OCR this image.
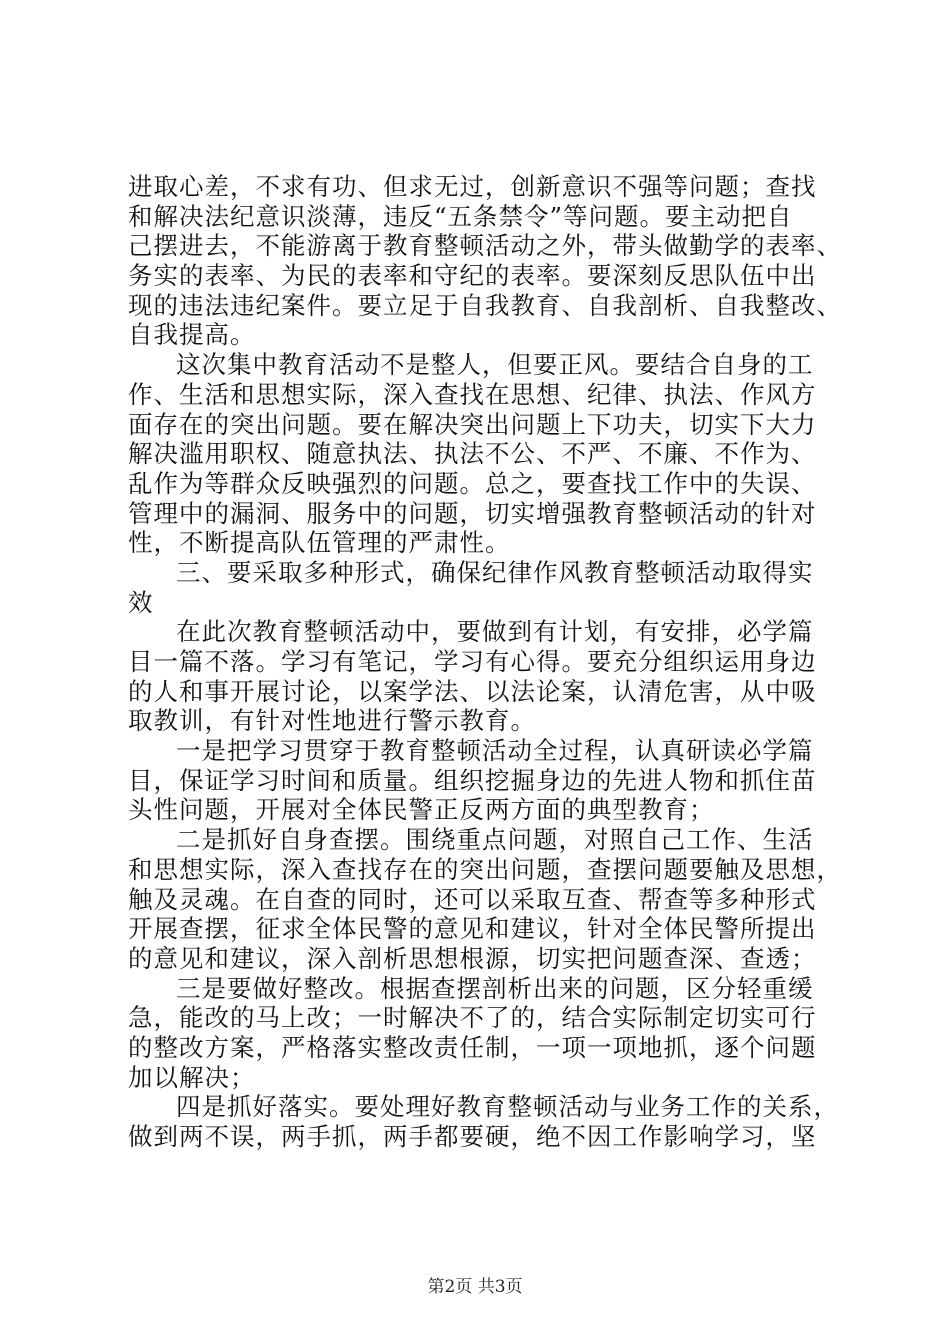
进取心差，不求有功、但求无过，创新意识不强等问题；查找
和解决法纪意识淡薄，违反“五条禁令”等问题。要主动把自
己摆进去，不能游离于教育整顿活动之外，带头做勤学的表率、
务实的表率、为民的表率和守纪的表率。要深刻反思队伍中出
现的违法违纪案件。要立足于自我教育、自我剖析、自我整改、
自我提高。
这次集中教育活动不是整人，但要正风。要结合自身的工
作、生活和思想实际，深入查找在思想、纪律、执法、作风方
面存在的突出问题。要在解决突出问题上下功夫，切实下大力
解决滥用职权、随意执法、执法不公、不严、不廉、不作为、
乱作为等群众反映强烈的问题。总之，要查找工作中的失误、
管理中的漏洞、服务中的问题，切实增强教育整顿活动的针对
性，不断提高队伍管理的严肃性。
三、要采取多种形式，确保纪律作风教育整顿活动取得实
效
在此次教育整顿活动中，要做到有计划，有安排，必学篇
目一篇不落。学习有笔记，学习有心得。要充分组织运用身边
的人和事开展讨论，以案学法、以法论案，认清危害，从中吸
取教训，有针对性地进行警示教育。
一是把学习贯穿于教育整顿活动全过程，认真研读必学篇
目，保证学习时间和质量。组织挖掘身边的先进人物和抓住苗
头性问题，开展对全体民警正反两方面的典型教育；
二是抓好自身查摆。围绕重点问题，对照自己工作、生活
和思想实际，深入查找存在的突出问题，查摆问题要触及思想，
触及灵魂。在自查的同时，还可以采取互查、帮查等多种形式
开展查摆，征求全体民警的意见和建议，针对全体民警所提出
的意见和建议，深入剖析思想根源，切实把问题查深、查透；
三是要做好整改。根据查摆剖析出来的问题，区分轻重缓
急，能改的马上改；一时解决不了的，结合实际制定切实可行
的整改方案，严格落实整改责任制，一项一项地抓，逐个问题
加以解决；
四是抓好落实。要处理好教育整顿活动与业务工作的关系，
做到两不误，两手抓，两手都要硬，绝不因工作影响学习，坚
第2页 共3页
